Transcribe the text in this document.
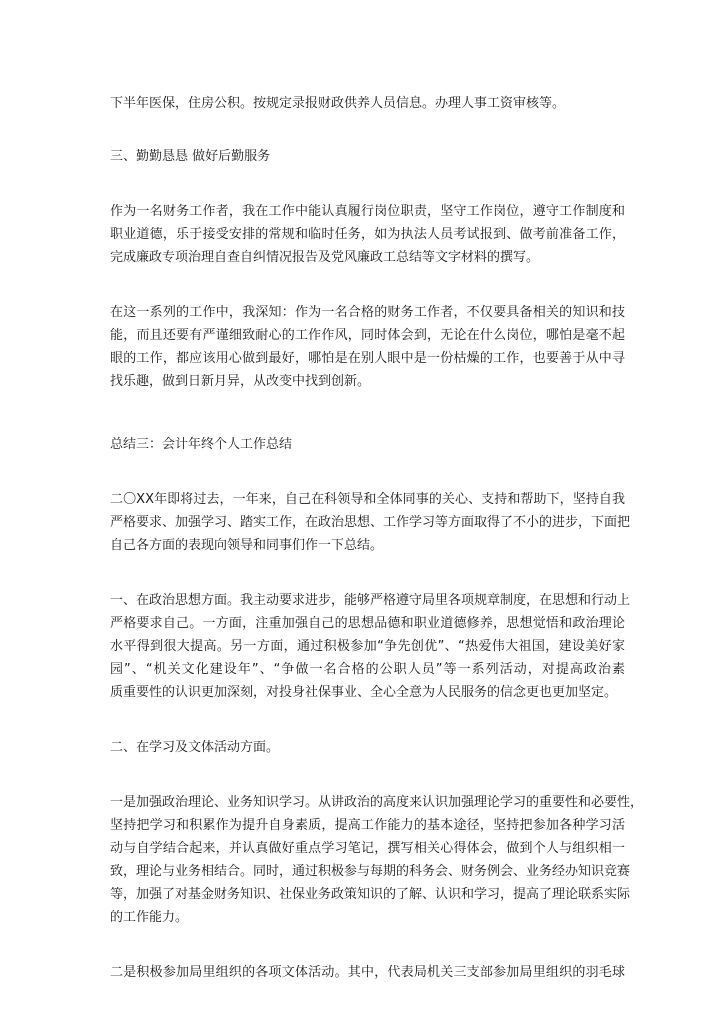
下半年医保，住房公积。按规定录报财政供养人员信息。办理人事工资审核等。

三、勤勤恳恳 做好后勤服务

作为一名财务工作者，我在工作中能认真履行岗位职责，坚守工作岗位，遵守工作制度和
职业道德，乐于接受安排的常规和临时任务，如为执法人员考试报到、做考前准备工作，
完成廉政专项治理自查自纠情况报告及党风廉政工总结等文字材料的撰写。

在这一系列的工作中，我深知：作为一名合格的财务工作者，不仅要具备相关的知识和技
能，而且还要有严谨细致耐心的工作作风，同时体会到，无论在什么岗位，哪怕是毫不起
眼的工作，都应该用心做到最好，哪怕是在别人眼中是一份枯燥的工作，也要善于从中寻
找乐趣，做到日新月异，从改变中找到创新。

总结三：会计年终个人工作总结

二〇XX年即将过去，一年来，自己在科领导和全体同事的关心、支持和帮助下，坚持自我
严格要求、加强学习、踏实工作，在政治思想、工作学习等方面取得了不小的进步，下面把
自己各方面的表现向领导和同事们作一下总结。

一、在政治思想方面。我主动要求进步，能够严格遵守局里各项规章制度，在思想和行动上
严格要求自己。一方面，注重加强自己的思想品德和职业道德修养，思想觉悟和政治理论
水平得到很大提高。另一方面，通过积极参加“争先创优”、“热爱伟大祖国，建设美好家
园”、“机关文化建设年”、“争做一名合格的公职人员”等一系列活动，对提高政治素
质重要性的认识更加深刻，对投身社保事业、全心全意为人民服务的信念更也更加坚定。

二、在学习及文体活动方面。

一是加强政治理论、业务知识学习。从讲政治的高度来认识加强理论学习的重要性和必要性，
坚持把学习和积累作为提升自身素质，提高工作能力的基本途径，坚持把参加各种学习活
动与自学结合起来，并认真做好重点学习笔记，撰写相关心得体会，做到个人与组织相一
致，理论与业务相结合。同时，通过积极参与每期的科务会、财务例会、业务经办知识竞赛
等，加强了对基金财务知识、社保业务政策知识的了解、认识和学习，提高了理论联系实际
的工作能力。

二是积极参加局里组织的各项文体活动。其中，代表局机关三支部参加局里组织的羽毛球
